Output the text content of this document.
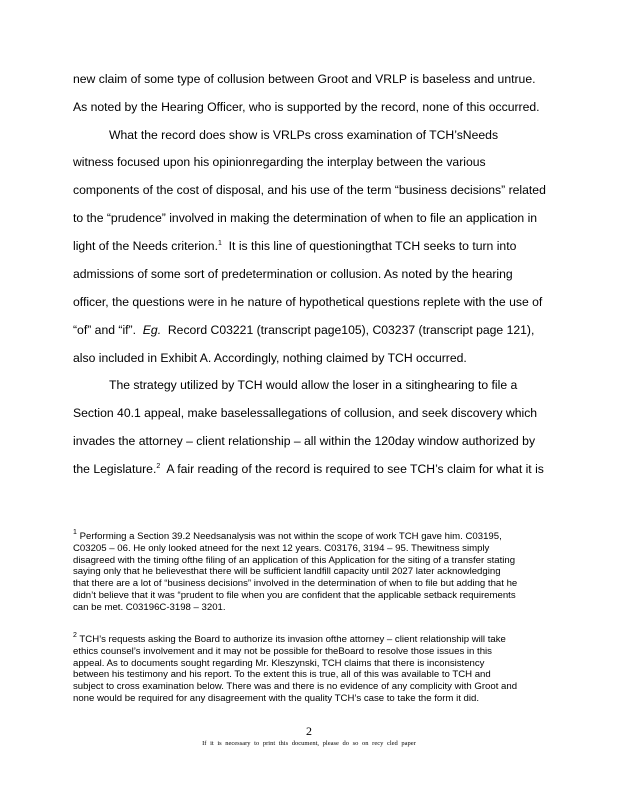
new claim of some type of collusion between Groot and VRLP is baseless and untrue.
As noted by the Hearing Officer, who is supported by the record, none of this occurred.
What the record does show is VRLPs cross examination of TCH’sNeeds
witness focused upon his opinionregarding the interplay between the various
components of the cost of disposal, and his use of the term “business decisions” related
to the “prudence” involved in making the determination of when to file an application in
light of the Needs criterion.$^1$ It is this line of questioningthat TCH seeks to turn into
admissions of some sort of predetermination or collusion. As noted by the hearing
officer, the questions were in he nature of hypothetical questions replete with the use of
“of” and “if”. Eg. Record C03221 (transcript page105), C03237 (transcript page 121),
also included in Exhibit A. Accordingly, nothing claimed by TCH occurred.
The strategy utilized by TCH would allow the loser in a sitinghearing to file a
Section 40.1 appeal, make baselessallegations of collusion, and seek discovery which
invades the attorney – client relationship – all within the 120day window authorized by
the Legislature.$^2$ A fair reading of the record is required to see TCH’s claim for what it is
$^1$ Performing a Section 39.2 Needsanalysis was not within the scope of work TCH gave him. C03195,
C03205 – 06. He only looked atneed for the next 12 years. C03176, 3194 – 95. Thewitness simply
disagreed with the timing ofthe filing of an application of this Application for the siting of a transfer stating
saying only that he believesthat there will be sufficient landfill capacity until 2027 later acknowledging
that there are a lot of “business decisions” involved in the determination of when to file but adding that he
didn’t believe that it was “prudent to file when you are confident that the applicable setback requirements
can be met. C03196C-3198 – 3201.
$^2$ TCH’s requests asking the Board to authorize its invasion ofthe attorney – client relationship will take
ethics counsel’s involvement and it may not be possible for theBoard to resolve those issues in this
appeal. As to documents sought regarding Mr. Kleszynski, TCH claims that there is inconsistency
between his testimony and his report. To the extent this is true, all of this was available to TCH and
subject to cross examination below. There was and there is no evidence of any complicity with Groot and
none would be required for any disagreement with the quality TCH’s case to take the form it did.
2
If it is necessary to print this document, please do so on recy cled paper
